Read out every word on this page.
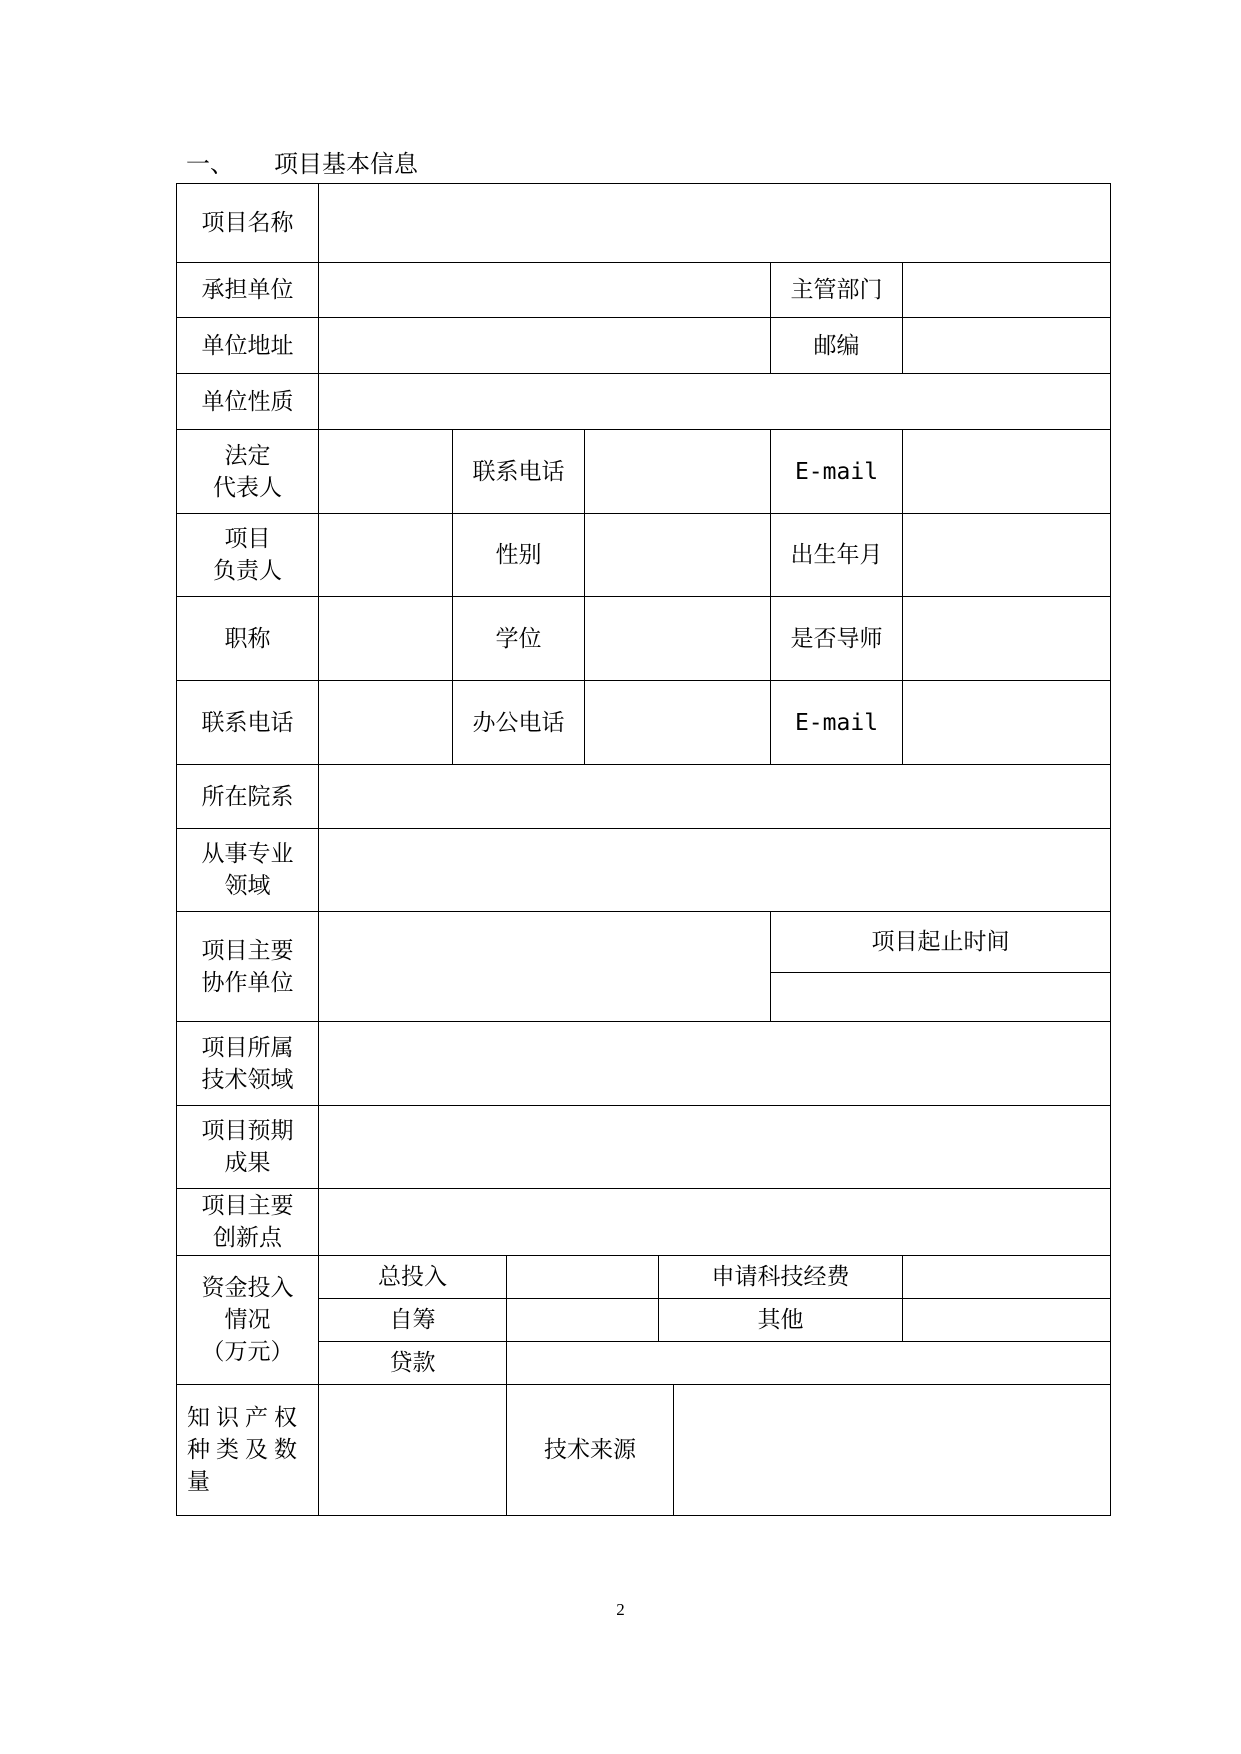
一、 项目基本信息
项目名称	
承担单位		主管部门	
单位地址		邮编	
单位性质	
法定
代表人		联系电话		E-mail	
项目
负责人		性别		出生年月	
职称		学位		是否导师	
联系电话		办公电话		E-mail	
所在院系	
从事专业
领域	
项目主要
协作单位		
项目起止时间

项目所属
技术领域	
项目预期
成果	
项目主要
创新点	
资金投入
情况
（万元）	总投入		申请科技经费	
自筹		其他	
贷款	
知识产权种类及数量		技术来源	
2
